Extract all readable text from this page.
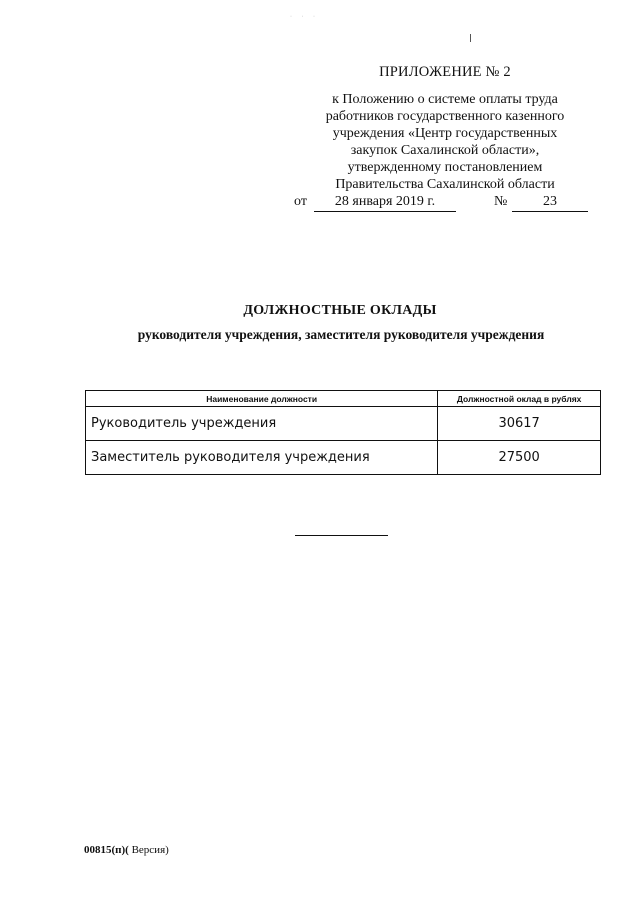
· · ·
ПРИЛОЖЕНИЕ № 2
к Положению о системе оплаты труда
работников государственного казенного
учреждения «Центр государственных
закупок Сахалинской области»,
утвержденному постановлением
Правительства Сахалинской области
от	28 января 2019 г.	№	23
ДОЛЖНОСТНЫЕ ОКЛАДЫ
руководителя учреждения, заместителя руководителя учреждения
Наименование должности	Должностной оклад в рублях
Руководитель учреждения	30617
Заместитель руководителя учреждения	27500
00815(п)( Версия)
